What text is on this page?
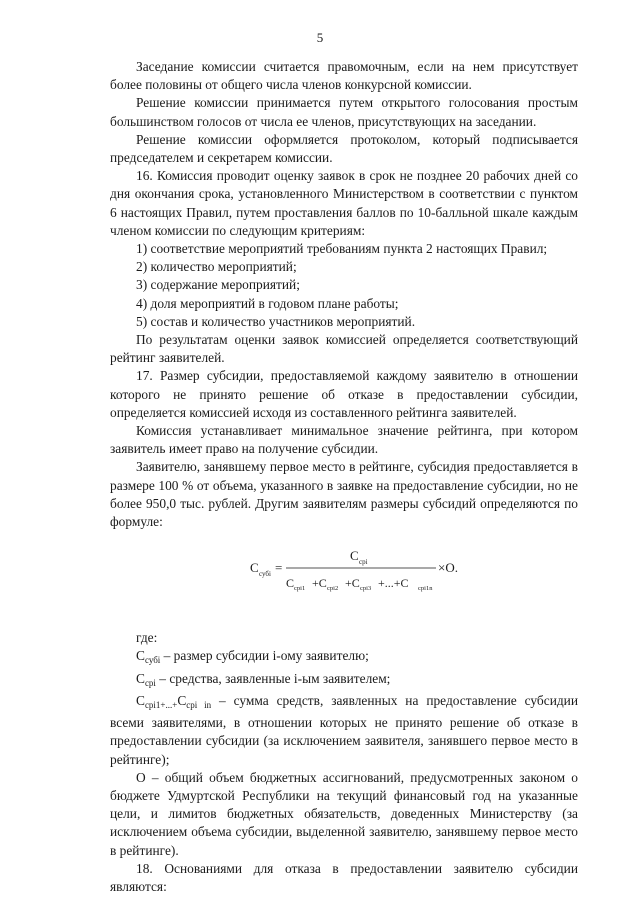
5

Заседание комиссии считается правомочным, если на нем присутствует более половины от общего числа членов конкурсной комиссии.

Решение комиссии принимается путем открытого голосования простым большинством голосов от числа ее членов, присутствующих на заседании.

Решение комиссии оформляется протоколом, который подписывается председателем и секретарем комиссии.

16. Комиссия проводит оценку заявок в срок не позднее 20 рабочих дней со дня окончания срока, установленного Министерством в соответствии с пунктом 6 настоящих Правил, путем проставления баллов по 10-балльной шкале каждым членом комиссии по следующим критериям:

1) соответствие мероприятий требованиям пункта 2 настоящих Правил;

2) количество мероприятий;

3) содержание мероприятий;

4) доля мероприятий в годовом плане работы;

5) состав и количество участников мероприятий.

По результатам оценки заявок комиссией определяется соответствующий рейтинг заявителей.

17. Размер субсидии, предоставляемой каждому заявителю в отношении которого не принято решение об отказе в предоставлении субсидии, определяется комиссией исходя из составленного рейтинга заявителей.

Комиссия устанавливает минимальное значение рейтинга, при котором заявитель имеет право на получение субсидии.

Заявителю, занявшему первое место в рейтинге, субсидия предоставляется в размере 100 % от объема, указанного в заявке на предоставление субсидии, но не более 950,0 тыс. рублей. Другим заявителям размеры субсидий определяются по формуле:

C субi =
C срi
C срi1 +C срi2 +C срi3 +...+C срi1n
×O.

где:

$C_{субi}$ – размер субсидии i-ому заявителю;

$C_{срi}$ – средства, заявленные i-ым заявителем;

$C_{срi1+...+}C_{срi in}$ – сумма средств, заявленных на предоставление субсидии всеми заявителями, в отношении которых не принято решение об отказе в предоставлении субсидии (за исключением заявителя, занявшего первое место в рейтинге);

О – общий объем бюджетных ассигнований, предусмотренных законом о бюджете Удмуртской Республики на текущий финансовый год на указанные цели, и лимитов бюджетных обязательств, доведенных Министерству (за исключением объема субсидии, выделенной заявителю, занявшему первое место в рейтинге).

18. Основаниями для отказа в предоставлении заявителю субсидии являются:
